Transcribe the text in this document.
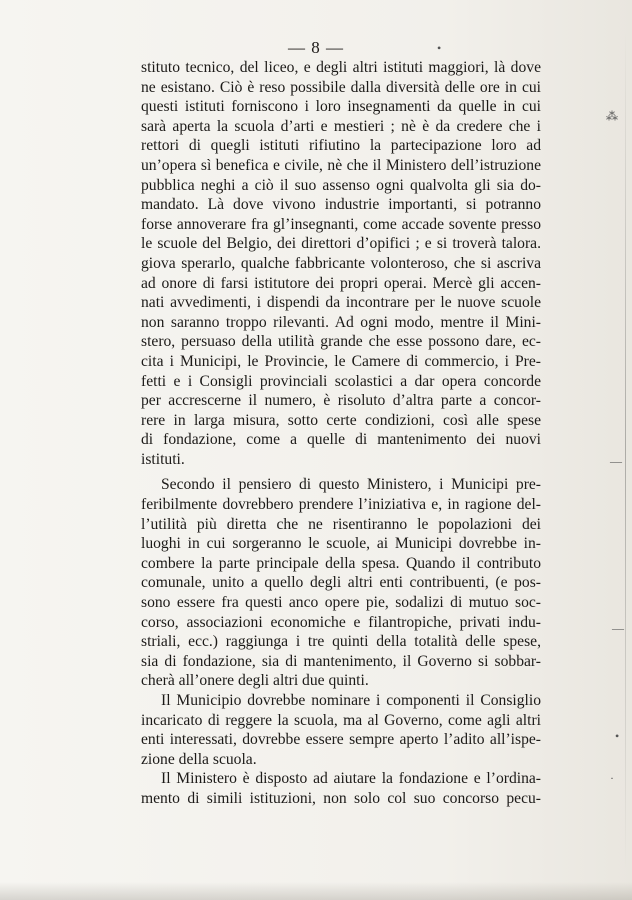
— 8 —
stituto tecnico, del liceo, e degli altri istituti maggiori, là dove
ne esistano. Ciò è reso possibile dalla diversità delle ore in cui
questi istituti forniscono i loro insegnamenti da quelle in cui
sarà aperta la scuola d’arti e mestieri ; nè è da credere che i
rettori di quegli istituti rifiutino la partecipazione loro ad
un’opera sì benefica e civile, nè che il Ministero dell’istruzione
pubblica neghi a ciò il suo assenso ogni qualvolta gli sia do-
mandato. Là dove vivono industrie importanti, si potranno
forse annoverare fra gl’insegnanti, come accade sovente presso
le scuole del Belgio, dei direttori d’opifici ; e si troverà talora.
giova sperarlo, qualche fabbricante volonteroso, che si ascriva
ad onore di farsi istitutore dei propri operai. Mercè gli accen-
nati avvedimenti, i dispendi da incontrare per le nuove scuole
non saranno troppo rilevanti. Ad ogni modo, mentre il Mini-
stero, persuaso della utilità grande che esse possono dare, ec-
cita i Municipi, le Provincie, le Camere di commercio, i Pre-
fetti e i Consigli provinciali scolastici a dar opera concorde
per accrescerne il numero, è risoluto d’altra parte a concor-
rere in larga misura, sotto certe condizioni, così alle spese
di fondazione, come a quelle di mantenimento dei nuovi
istituti.
Secondo il pensiero di questo Ministero, i Municipi pre-
feribilmente dovrebbero prendere l’iniziativa e, in ragione del-
l’utilità più diretta che ne risentiranno le popolazioni dei
luoghi in cui sorgeranno le scuole, ai Municipi dovrebbe in-
combere la parte principale della spesa. Quando il contributo
comunale, unito a quello degli altri enti contribuenti, (e pos-
sono essere fra questi anco opere pie, sodalizi di mutuo soc-
corso, associazioni economiche e filantropiche, privati indu-
striali, ecc.) raggiunga i tre quinti della totalità delle spese,
sia di fondazione, sia di mantenimento, il Governo si sobbar-
cherà all’onere degli altri due quinti.
Il Municipio dovrebbe nominare i componenti il Consiglio
incaricato di reggere la scuola, ma al Governo, come agli altri
enti interessati, dovrebbe essere sempre aperto l’adito all’ispe-
zione della scuola.
Il Ministero è disposto ad aiutare la fondazione e l’ordina-
mento di simili istituzioni, non solo col suo concorso pecu-
•
⁂
—
—
•
·
